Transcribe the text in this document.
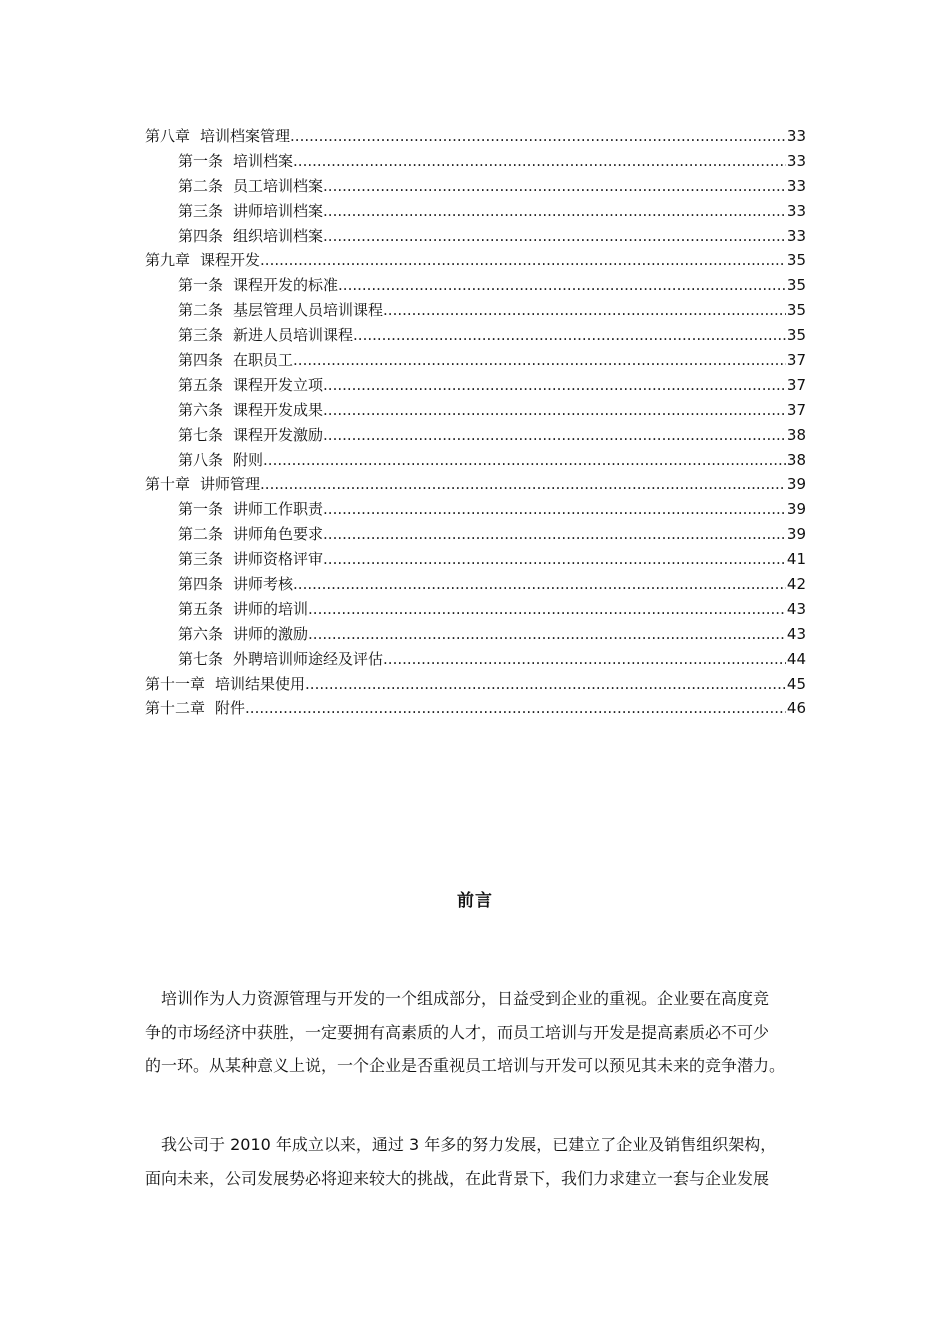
第八章 培训档案管理 .....	33
第一条 培训档案 .....	33
第二条 员工培训档案 .....	33
第三条 讲师培训档案 .....	33
第四条 组织培训档案 .....	33
第九章 课程开发 .....	35
第一条 课程开发的标准 .....	35
第二条 基层管理人员培训课程 .....	35
第三条 新进人员培训课程 .....	35
第四条 在职员工 .....	37
第五条 课程开发立项 .....	37
第六条 课程开发成果 .....	37
第七条 课程开发激励 .....	38
第八条 附则 .....	38
第十章 讲师管理 .....	39
第一条 讲师工作职责 .....	39
第二条 讲师角色要求 .....	39
第三条 讲师资格评审 .....	41
第四条 讲师考核 .....	42
第五条 讲师的培训 .....	43
第六条 讲师的激励 .....	43
第七条 外聘培训师途经及评估 .....	44
第十一章 培训结果使用 .....	45
第十二章 附件 .....	46
前言

　培训作为人力资源管理与开发的一个组成部分，日益受到企业的重视。企业要在高度竞

争的市场经济中获胜，一定要拥有高素质的人才，而员工培训与开发是提高素质必不可少

的一环。从某种意义上说，一个企业是否重视员工培训与开发可以预见其未来的竞争潜力。

　我公司于 2010 年成立以来，通过 3 年多的努力发展，已建立了企业及销售组织架构，

面向未来，公司发展势必将迎来较大的挑战，在此背景下，我们力求建立一套与企业发展
